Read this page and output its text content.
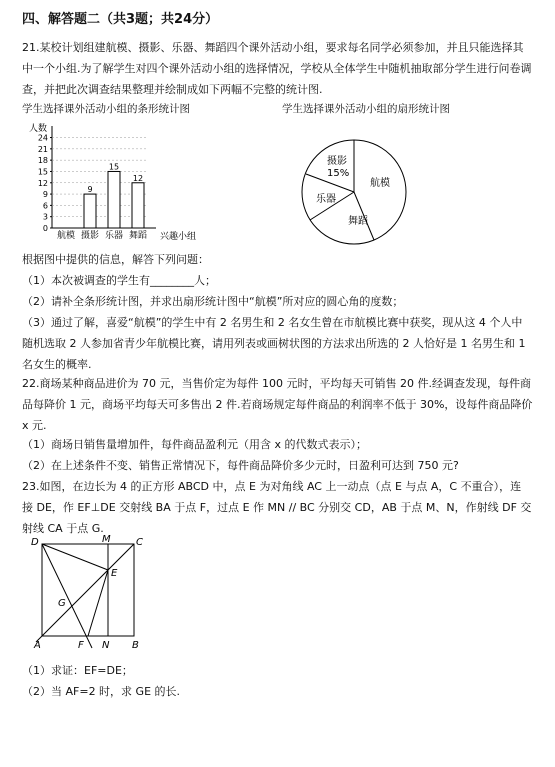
四、解答题二（共3题；共24分）
21.某校计划组建航模、摄影、乐器、舞蹈四个课外活动小组，要求每名同学必须参加，并且只能选择其
中一个小组.为了解学生对四个课外活动小组的选择情况，学校从全体学生中随机抽取部分学生进行问卷调
查，并把此次调查结果整理并绘制成如下两幅不完整的统计图.
学生选择课外活动小组的条形统计图	学生选择课外活动小组的扇形统计图
人数
兴趣小组
0
3
6
9
12
15
18
21
24
航模
9
摄影
15
乐器
12
舞蹈
摄影
15%
航模
舞蹈
乐器
根据图中提供的信息，解答下列问题：
（1）本次被调查的学生有________人；
（2）请补全条形统计图，并求出扇形统计图中“航模”所对应的圆心角的度数；
（3）通过了解，喜爱“航模”的学生中有 2 名男生和 2 名女生曾在市航模比赛中获奖，现从这 4 个人中
随机选取 2 人参加省青少年航模比赛，请用列表或画树状图的方法求出所选的 2 人恰好是 1 名男生和 1
名女生的概率.
22.商场某种商品进价为 70 元，当售价定为每件 100 元时，平均每天可销售 20 件.经调查发现，每件商
品每降价 1 元，商场平均每天可多售出 2 件.若商场规定每件商品的利润率不低于 30%，设每件商品降价
x 元.
（1）商场日销售量增加件，每件商品盈利元（用含 x 的代数式表示）；
（2）在上述条件不变、销售正常情况下，每件商品降价多少元时，日盈利可达到 750 元?
23.如图，在边长为 4 的正方形 ABCD 中，点 E 为对角线 AC 上一动点（点 E 与点 A，C 不重合），连
接 DE，作 EF⊥DE 交射线 BA 于点 F，过点 E 作 MN // BC 分别交 CD，AB 于点 M、N，作射线 DF 交
射线 CA 于点 G.
D	M	C
E
G
A	F N B
（1）求证：EF=DE；
（2）当 AF=2 时，求 GE 的长.
